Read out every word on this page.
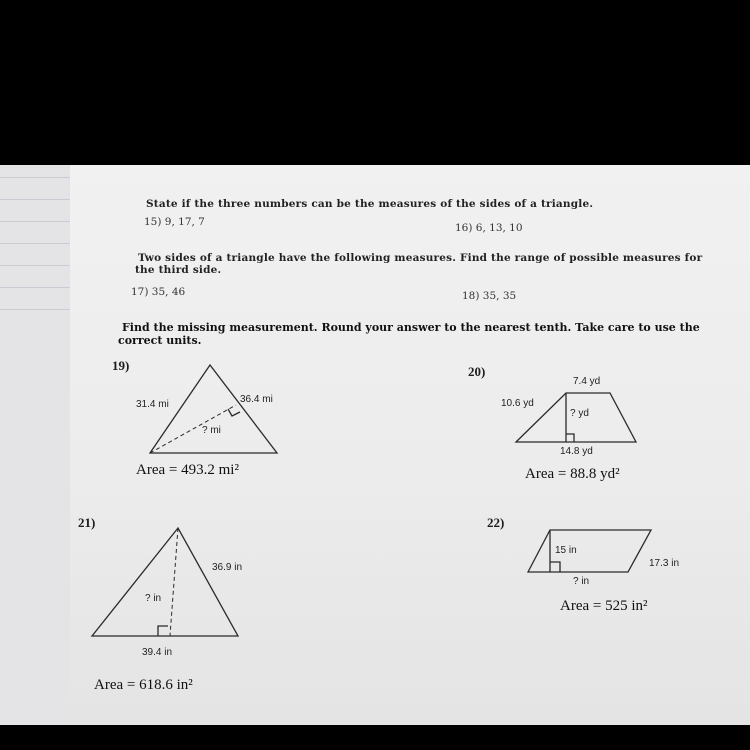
State if the three numbers can be the measures of the sides of a triangle.
15) 9, 17, 7	16) 6, 13, 10
Two sides of a triangle have the following measures. Find the range of possible measures for
the third side.
17) 35, 46	18) 35, 35
Find the missing measurement. Round your answer to the nearest tenth. Take care to use the
correct units.
19)
31.4 mi	36.4 mi
? mi
Area = 493.2 mi²
20)
7.4 yd
10.6 yd
? yd
14.8 yd
Area = 88.8 yd²
21)
36.9 in
? in
39.4 in
Area = 618.6 in²
22)
15 in
17.3 in
? in
Area = 525 in²
